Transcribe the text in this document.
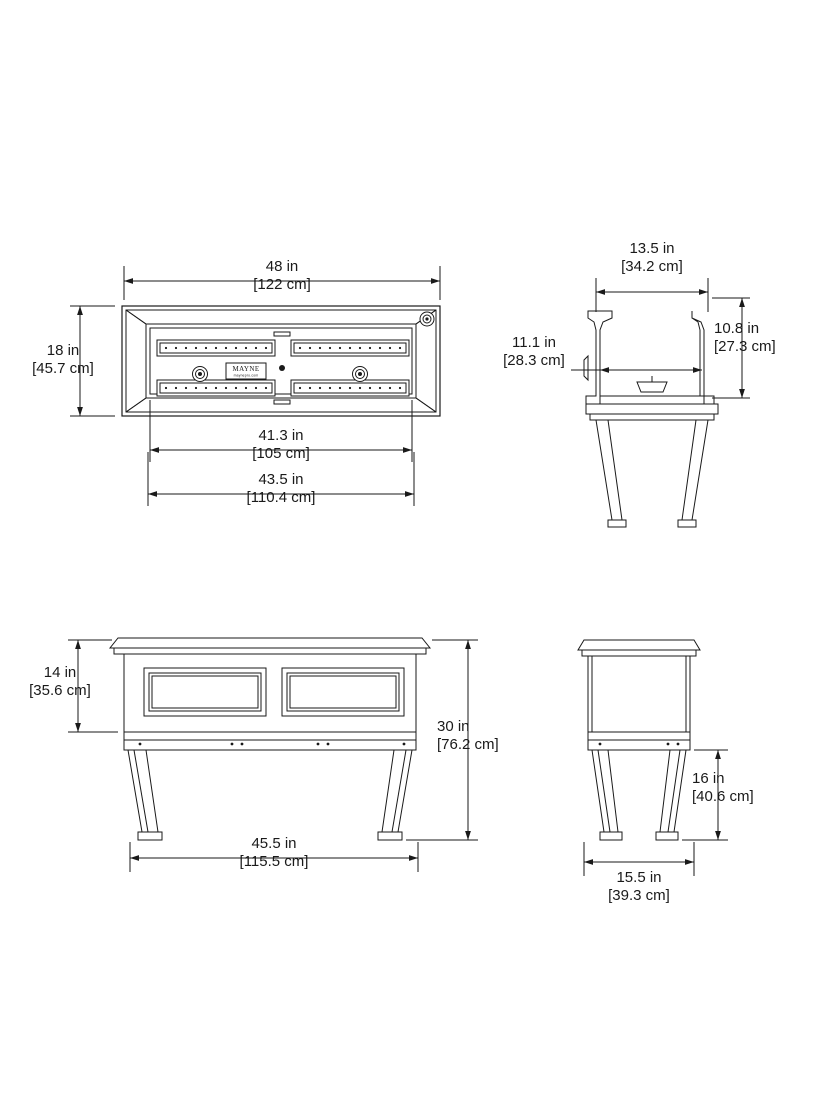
MAYNE
maynepro.com
48 in
[122 cm]
18 in
[45.7 cm]
41.3 in
[105 cm]
43.5 in
[110.4 cm]
13.5 in
[34.2 cm]
11.1 in
[28.3 cm]
10.8 in
[27.3 cm]
14 in
[35.6 cm]
30 in
[76.2 cm]
45.5 in
[115.5 cm]
16 in
[40.6 cm]
15.5 in
[39.3 cm]
